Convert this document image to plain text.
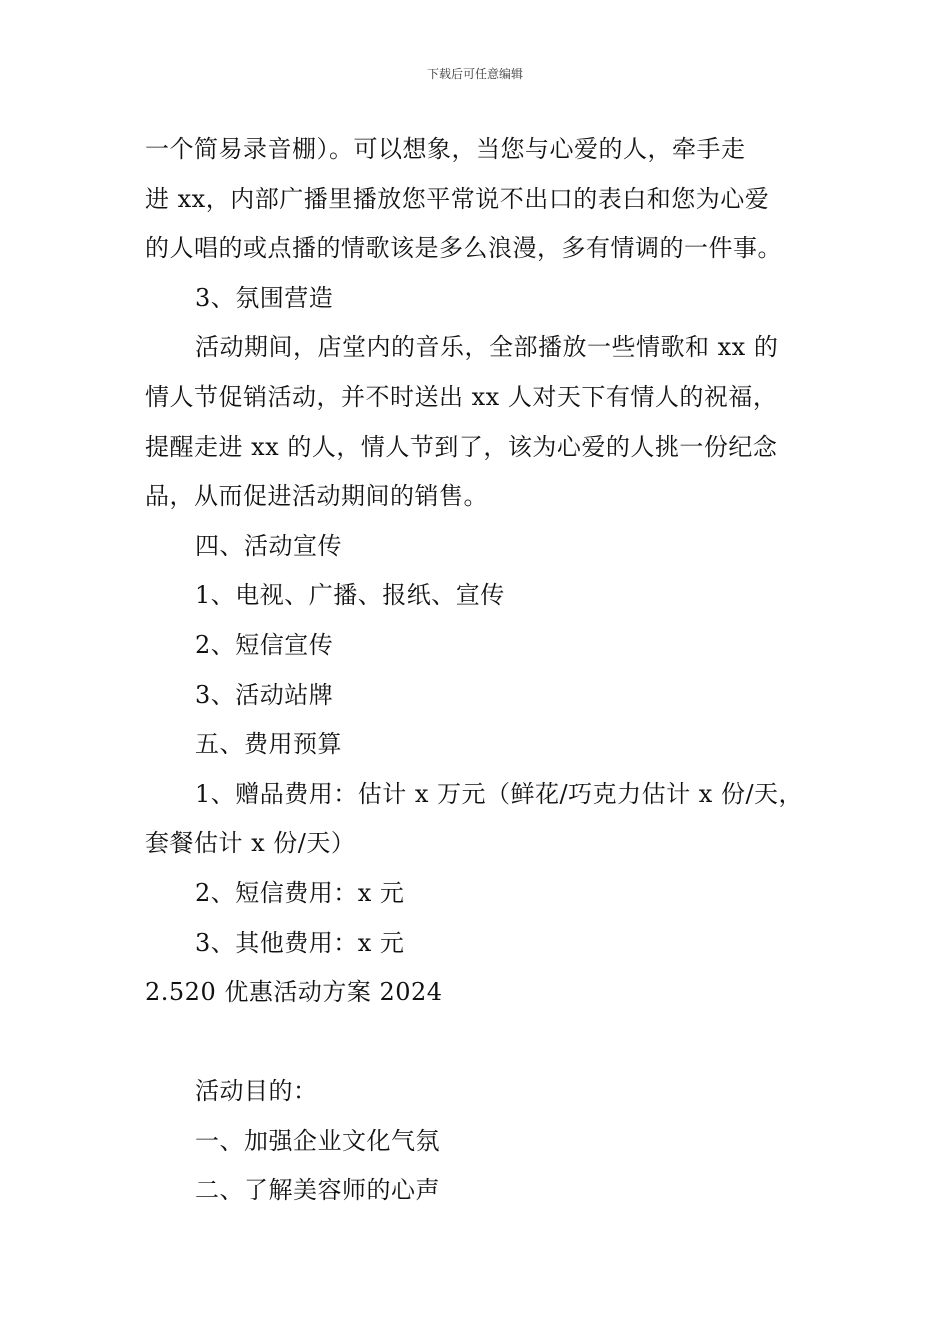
下载后可任意编辑
一个简易录音棚）。可以想象，当您与心爱的人，牵手走
进 xx，内部广播里播放您平常说不出口的表白和您为心爱
的人唱的或点播的情歌该是多么浪漫，多有情调的一件事。
3、氛围营造
活动期间，店堂内的音乐，全部播放一些情歌和 xx 的
情人节促销活动，并不时送出 xx 人对天下有情人的祝福，
提醒走进 xx 的人，情人节到了，该为心爱的人挑一份纪念
品，从而促进活动期间的销售。
四、活动宣传
1、电视、广播、报纸、宣传
2、短信宣传
3、活动站牌
五、费用预算
1、赠品费用：估计 x 万元（鲜花/巧克力估计 x 份/天，
套餐估计 x 份/天）
2、短信费用：x 元
3、其他费用：x 元
2.520 优惠活动方案 2024
活动目的：
一、加强企业文化气氛
二、了解美容师的心声
